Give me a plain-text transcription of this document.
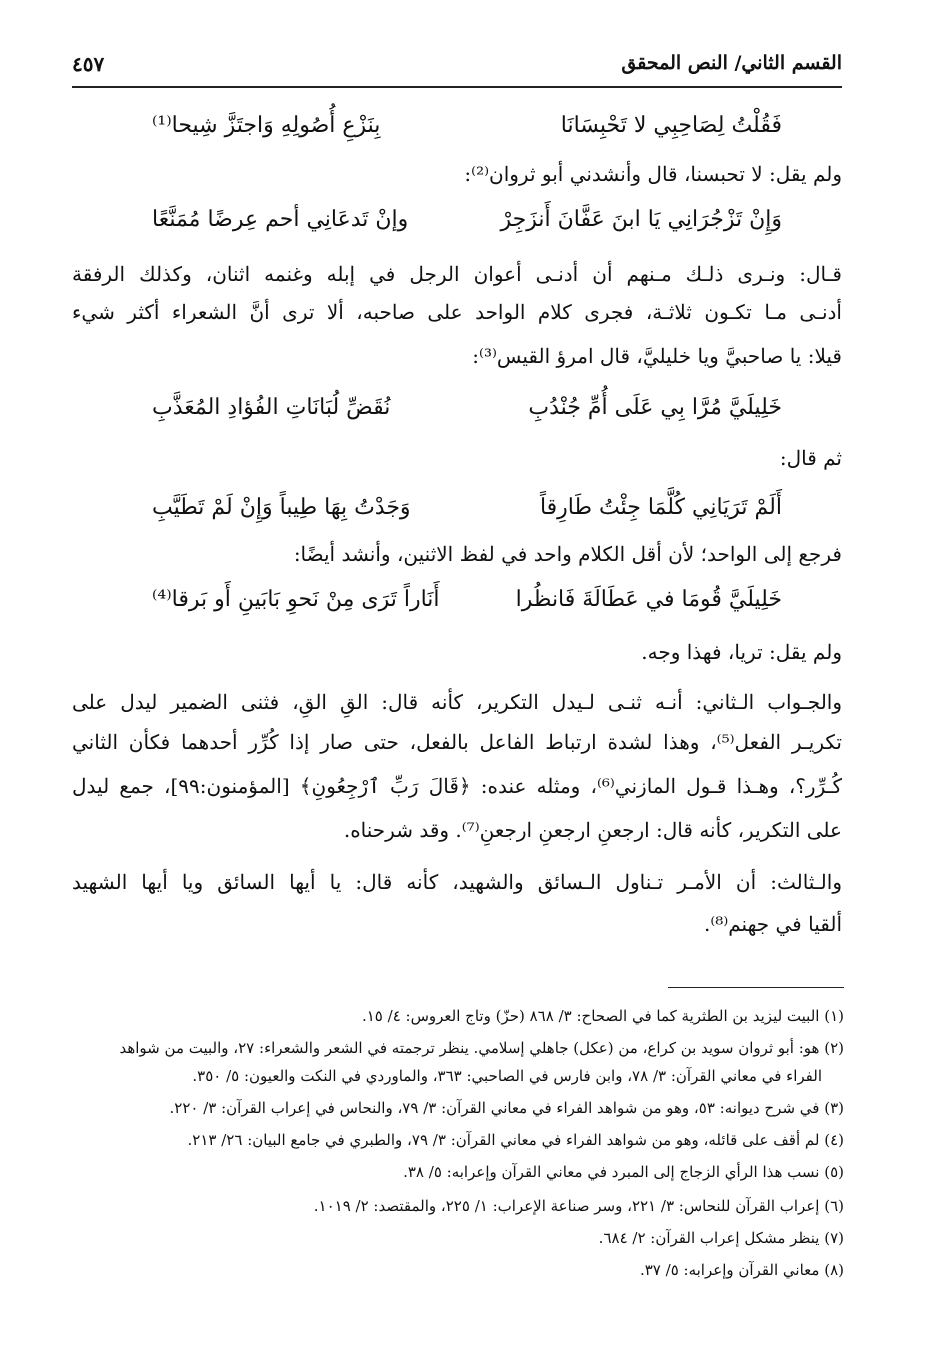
القسم الثاني/ النص المحقق
٤٥٧
فَقُلْتُ لِصَاحِبِي لا تَحْبِسَانَا
بِنَزْعِ أُصُولِهِ وَاجتَزَّ شِيحا⁽¹⁾
ولم يقل: لا تحبسنا، قال وأنشدني أبو ثروان⁽²⁾:
وَإِنْ تَزْجُرَانِي يَا ابنَ عَفَّانَ أَنزَجِرْ
وإنْ تَدعَانِي أحم عِرضًا مُمَنَّعًا
قـال: ونـرى ذلـك مـنهم أن أدنـى أعوان الرجل في إبله وغنمه اثنان، وكذلك الرفقة
أدنـى مـا تكـون ثلاثـة، فجرى كلام الواحد على صاحبه، ألا ترى أنَّ الشعراء أكثر شيء
قيلا: يا صاحبيَّ ويا خليليَّ، قال امرؤ القيس⁽³⁾:
خَلِيلَيَّ مُرَّا بِي عَلَى أُمِّ جُنْدُبِ
نُقَضِّ لُبَانَاتِ الفُؤادِ المُعَذَّبِ
ثم قال:
أَلَمْ تَرَيَانِي كُلَّمَا جِئْتُ طَارِقاً
وَجَدْتُ بِهَا طِيباً وَإِنْ لَمْ تَطَيَّبِ
فرجع إلى الواحد؛ لأن أقل الكلام واحد في لفظ الاثنين، وأنشد أيضًا:
خَلِيلَيَّ قُومَا في عَطَالَةَ فَانظُرا
أَنَاراً تَرَى مِنْ نَحوِ بَابَينِ أَو بَرقا⁽⁴⁾
ولم يقل: تريا، فهذا وجه.
والجـواب الـثاني: أنـه ثنـى لـيدل التكرير، كأنه قال: القِ القِ، فثنى الضمير ليدل على
تكريـر الفعل⁽⁵⁾، وهذا لشدة ارتباط الفاعل بالفعل، حتى صار إذا كُرِّر أحدهما فكأن الثاني
كُـرِّر؟، وهـذا قـول المازني⁽⁶⁾، ومثله عنده: ﴿قَالَ رَبِّ ٱرْجِعُونِ﴾ [المؤمنون:٩٩]، جمع ليدل
على التكرير، كأنه قال: ارجعنِ ارجعنِ ارجعنِ⁽⁷⁾. وقد شرحناه.
والـثالث: أن الأمـر تـناول الـسائق والشهيد، كأنه قال: يا أيها السائق ويا أيها الشهيد
ألقيا في جهنم⁽⁸⁾.
(١) البيت ليزيد بن الطثرية كما في الصحاح: ٣/ ٨٦٨ (حزّ) وتاج العروس: ٤/ ١٥.
(٢) هو: أبو ثروان سويد بن كراع، من (عكل) جاهلي إسلامي. ينظر ترجمته في الشعر والشعراء: ٢٧، والبيت من شواهد
الفراء في معاني القرآن: ٣/ ٧٨، وابن فارس في الصاحبي: ٣٦٣، والماوردي في النكت والعيون: ٥/ ٣٥٠.
(٣) في شرح ديوانه: ٥٣، وهو من شواهد الفراء في معاني القرآن: ٣/ ٧٩، والنحاس في إعراب القرآن: ٣/ ٢٢٠.
(٤) لم أقف على قائله، وهو من شواهد الفراء في معاني القرآن: ٣/ ٧٩، والطبري في جامع البيان: ٢٦/ ٢١٣.
(٥) نسب هذا الرأي الزجاج إلى المبرد في معاني القرآن وإعرابه: ٥/ ٣٨.
(٦) إعراب القرآن للنحاس: ٣/ ٢٢١، وسر صناعة الإعراب: ١/ ٢٢٥، والمقتصد: ٢/ ١٠١٩.
(٧) ينظر مشكل إعراب القرآن: ٢/ ٦٨٤.
(٨) معاني القرآن وإعرابه: ٥/ ٣٧.
